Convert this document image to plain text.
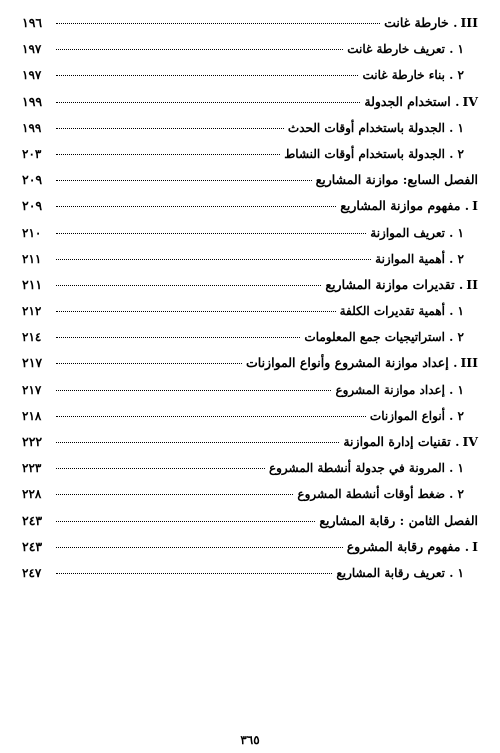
III. خارطة غانت
١٩٦
١ . تعريف خارطة غانت
١٩٧
٢ . بناء خارطة غانت
١٩٧
IV. استخدام الجدولة
١٩٩
١ . الجدولة باستخدام أوقات الحدث
١٩٩
٢ . الجدولة باستخدام أوقات النشاط
٢٠٣
الفصل السابع: موازنة المشاريع
٢٠٩
I. مفهوم موازنة المشاريع
٢٠٩
١ . تعريف الموازنة
٢١٠
٢ . أهمية الموازنة
٢١١
II. تقديرات موازنة المشاريع
٢١١
١ . أهمية تقديرات الكلفة
٢١٢
٢ . استراتيجيات جمع المعلومات
٢١٤
III. إعداد موازنة المشروع وأنواع الموازنات
٢١٧
١ . إعداد موازنة المشروع
٢١٧
٢ . أنواع الموازنات
٢١٨
IV. تقنيات إدارة الموازنة
٢٢٢
١ . المرونة في جدولة أنشطة المشروع
٢٢٣
٢ . ضغط أوقات أنشطة المشروع
٢٢٨
الفصل الثامن : رقابة المشاريع
٢٤٣
I. مفهوم رقابة المشروع
٢٤٣
١ . تعريف رقابة المشاريع
٢٤٧
٣٦٥
